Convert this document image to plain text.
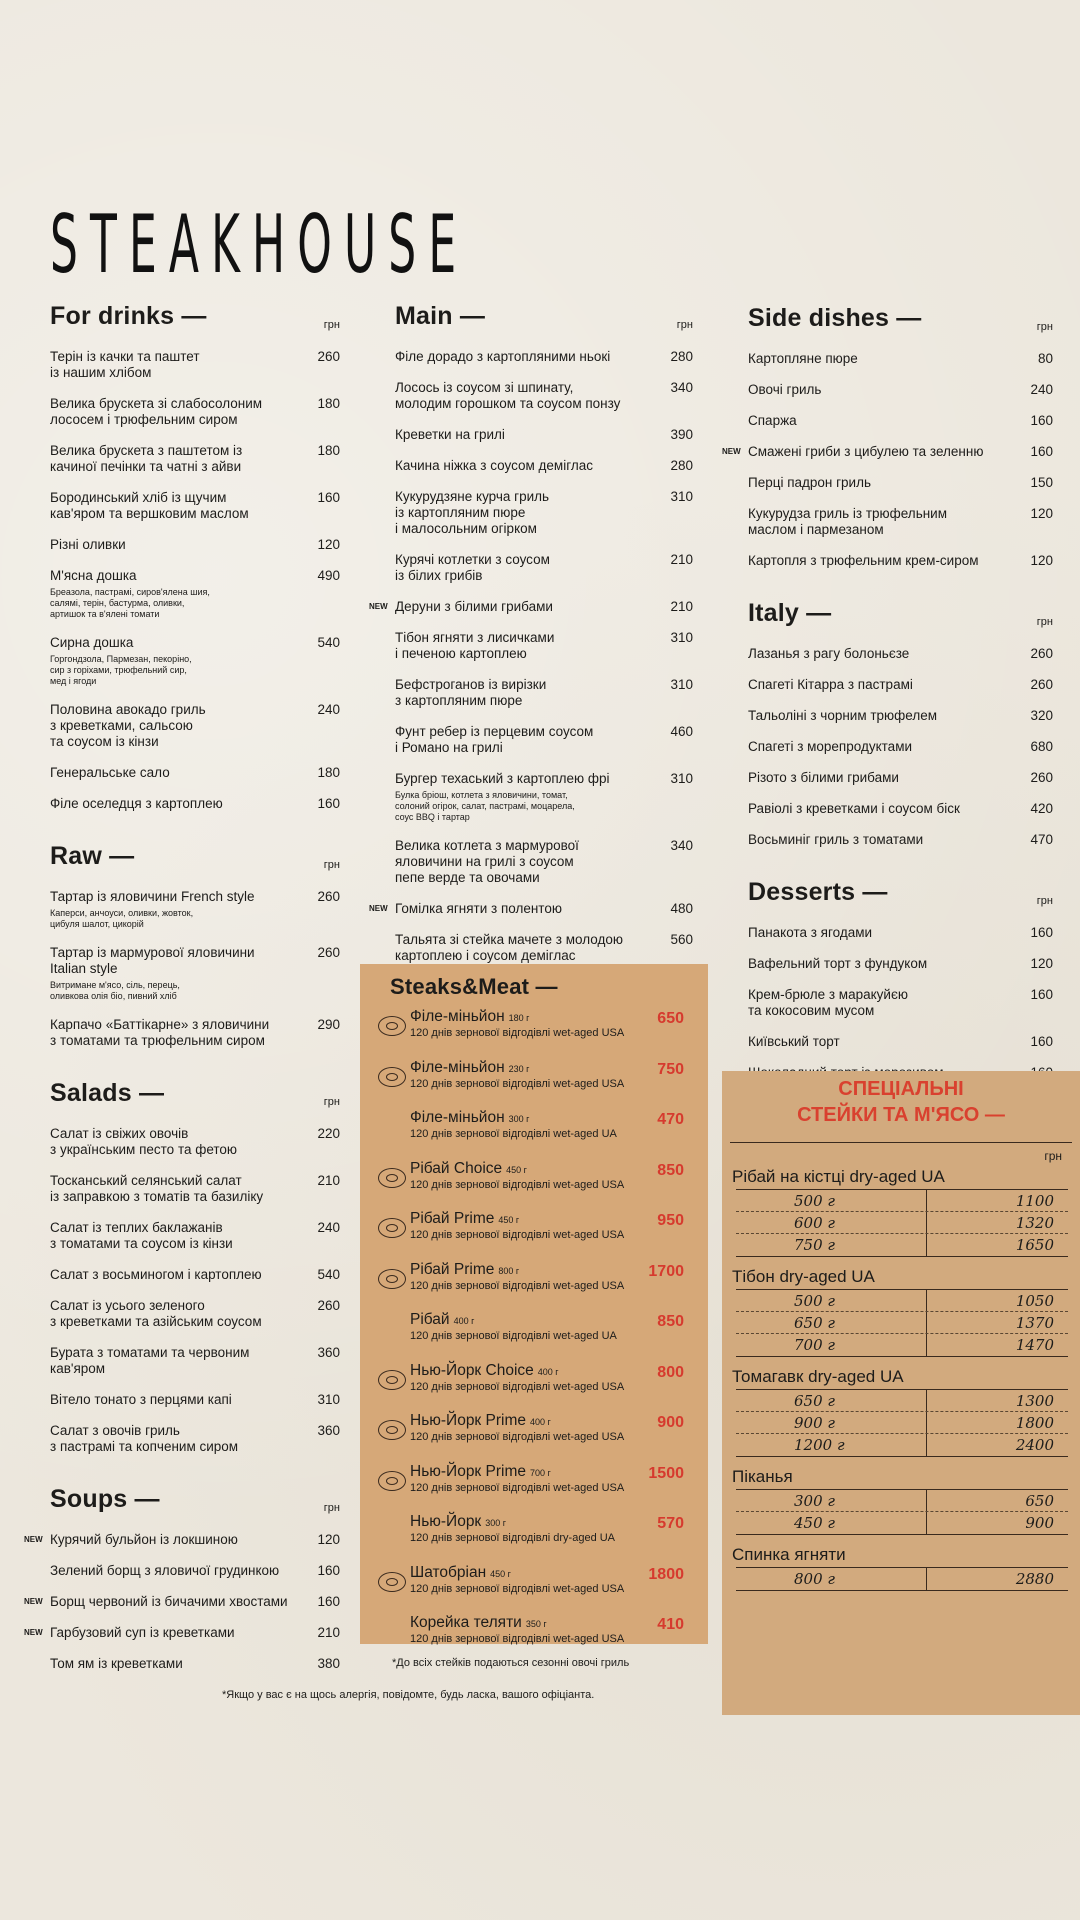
STEAKHOUSE
For drinks —	грн
Терін із качки та паштет
із нашим хлібом
260
Велика брускета зі слабосолоним
лососем і трюфельним сиром
180
Велика брускета з паштетом із
качиної печінки та чатні з айви
180
Бородинський хліб із щучим
кав'яром та вершковим маслом
160
Різні оливки	120
М'ясна дошка	490
Бреазола, пастрамі, сиров'ялена шия,
салямі, терін, бастурма, оливки,
артишок та в'ялені томати
Сирна дошка	540
Горгондзола, Пармезан, пекоріно,
сир з горіхами, трюфельний сир,
мед і ягоди
Половина авокадо гриль
з креветками, сальсою
та соусом із кінзи
240
Генеральське сало	180
Філе оселедця з картоплею	160
Raw —	грн
Тартар із яловичини French style	260
Каперси, анчоуси, оливки, жовток,
цибуля шалот, цикорій
Тартар із мармурової яловичини
Italian style
260
Витримане м'ясо, сіль, перець,
оливкова олія біо, пивний хліб
Карпачо «Баттікарне» з яловичини
з томатами та трюфельним сиром
290
Salads —	грн
Салат із свіжих овочів
з українським песто та фетою
220
Тосканський селянський салат
із заправкою з томатів та базиліку
210
Салат із теплих баклажанів
з томатами та соусом із кінзи
240
Салат з восьминогом і картоплею	540
Салат із усього зеленого
з креветками та азійським соусом
260
Бурата з томатами та червоним кав'яром
360
Вітело тонато з перцями капі	310
Салат з овочів гриль
з пастрамі та копченим сиром
360
Soups —	грн
NEW Курячий бульйон із локшиною	120
Зелений борщ з яловичої грудинкою	160
NEW Борщ червоний із бичачими хвостами 160
NEW Гарбузовий суп із креветками	210
Том ям із креветками	380
Main —	грн
Філе дорадо з картопляними ньокі	280
Лосось із соусом зі шпинату,
молодим горошком та соусом понзу
340
Креветки на грилі	390
Качина ніжка з соусом деміглас	280
Кукурудзяне курча гриль
із картопляним пюре
і малосольним огірком
310
Курячі котлетки з соусом
із білих грибів
210
NEW Деруни з білими грибами	210
Тібон ягняти з лисичками
і печеною картоплею
310
Бефстроганов із вирізки
з картопляним пюре
310
Фунт ребер із перцевим соусом
і Романо на грилі
460
Бургер техаський з картоплею фрі	310
Булка бріош, котлета з яловичини, томат,
солоний огірок, салат, пастрамі, моцарела,
соус BBQ і тартар
Велика котлета з мармурової
яловичини на грилі з соусом
пепе верде та овочами
340
NEW Гомілка ягняти з полентою	480
Тальята зі стейка мачете з молодою
картоплею і соусом деміглас
560
Steaks&Meat —
Філе-міньйон 180 г
120 днів зернової відгодівлі wet-aged USA
650
Філе-міньйон 230 г
120 днів зернової відгодівлі wet-aged USA
750
Філе-міньйон 300 г
120 днів зернової відгодівлі wet-aged UA
470
Рібай Choice 450 г
120 днів зернової відгодівлі wet-aged USA
850
Рібай Prime 450 г
120 днів зернової відгодівлі wet-aged USA
950
Рібай Prime 800 г
120 днів зернової відгодівлі wet-aged USA
1700
Рібай 400 г
120 днів зернової відгодівлі wet-aged UA
850
Нью-Йорк Choice 400 г
120 днів зернової відгодівлі wet-aged USA
800
Нью-Йорк Prime 400 г
120 днів зернової відгодівлі wet-aged USA
900
Нью-Йорк Prime 700 г
120 днів зернової відгодівлі wet-aged USA
1500
Нью-Йорк 300 г
120 днів зернової відгодівлі dry-aged UA
570
Шатобріан 450 г
120 днів зернової відгодівлі wet-aged USA
1800
Корейка теляти 350 г
120 днів зернової відгодівлі wet-aged USA
410
*До всіх стейків подаються сезонні овочі гриль
*Якщо у вас є на щось алергія, повідомте, будь ласка, вашого офіціанта.
Side dishes —	грн
Картопляне пюре	80
Овочі гриль	240
Спаржа	160
NEW Смажені гриби з цибулею та зеленню	160
Перці падрон гриль	150
Кукурудза гриль із трюфельним
маслом і пармезаном
120
Картопля з трюфельним крем-сиром	120
Italy —	грн
Лазанья з рагу болоньєзе	260
Спагеті Кітарра з пастрамі	260
Тальоліні з чорним трюфелем	320
Спагеті з морепродуктами	680
Різото з білими грибами	260
Равіолі з креветками і соусом біск	420
Восьминіг гриль з томатами	470
Desserts —	грн
Панакота з ягодами	160
Вафельний торт з фундуком	120
Крем-брюле з маракуйєю
та кокосовим мусом
160
Київський торт	160
СПЕЦІАЛЬНІ
СТЕЙКИ ТА М'ЯСО —
грн
Рібай на кістці dry-aged UA
500 г	1100
600 г	1320
750 г	1650
Тібон dry-aged UA
500 г	1050
650 г	1370
700 г	1470
Томагавк dry-aged UA
650 г	1300
900 г	1800
1200 г	2400
Піканья
300 г	650
450 г	900
Спинка ягняти
800 г	2880
